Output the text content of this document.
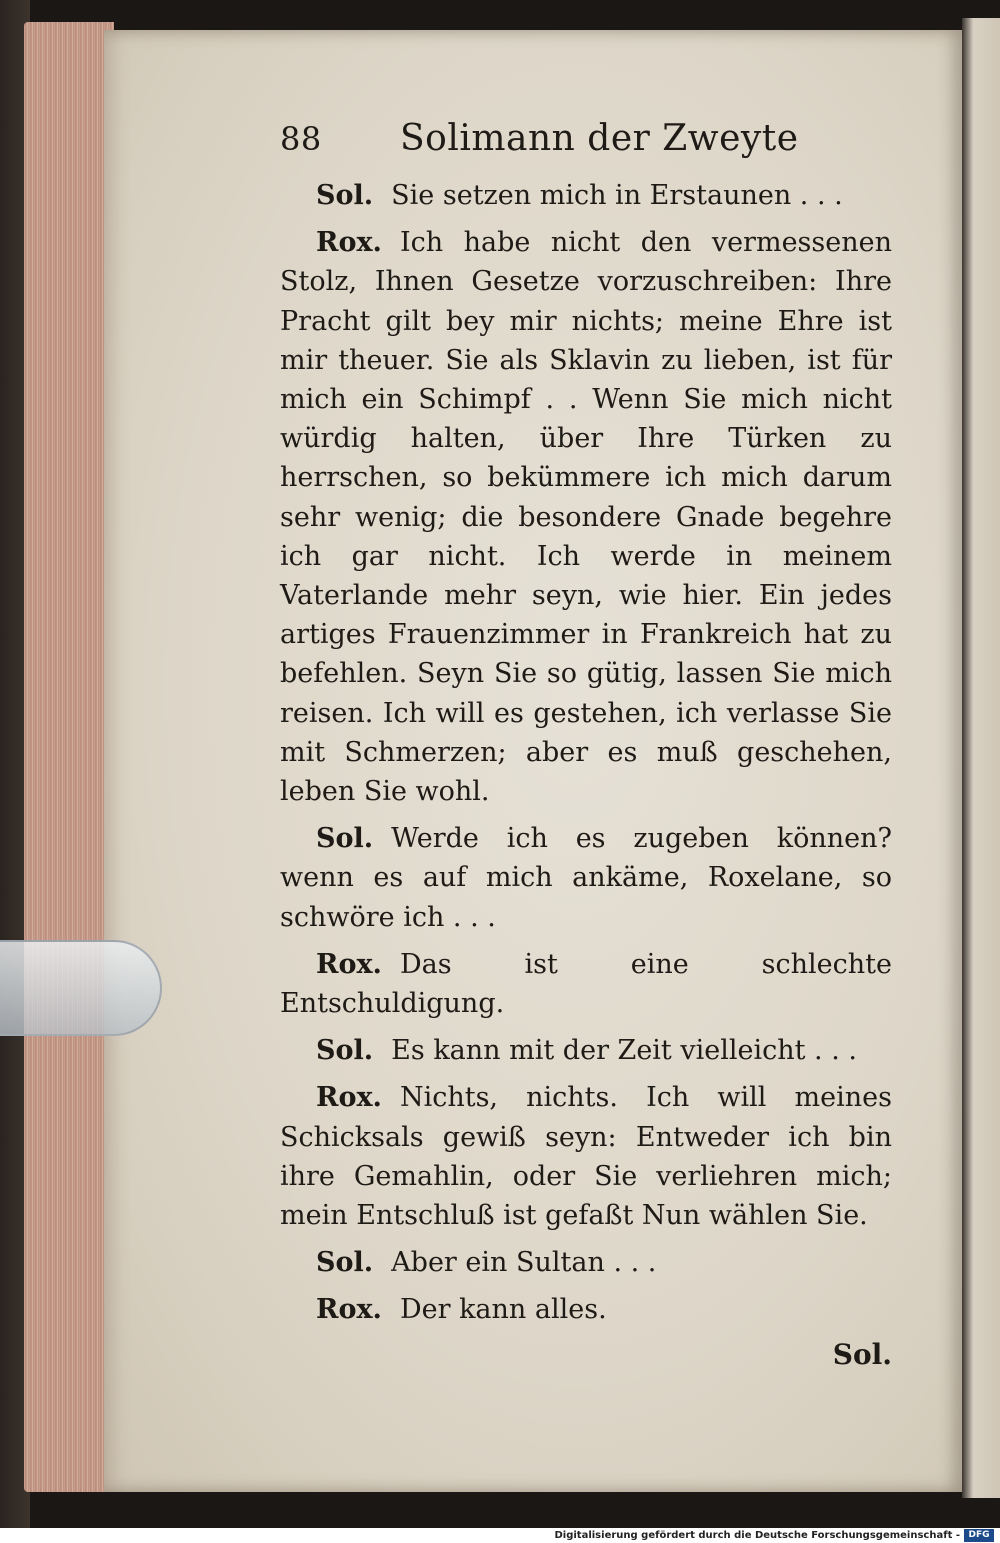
88	Solimann der Zweyte

Sol. Sie setzen mich in Erstaunen . . .

Rox. Ich habe nicht den vermessenen Stolz, Ihnen Gesetze vorzuschreiben: Ihre Pracht gilt bey mir nichts; meine Ehre ist mir theuer. Sie als Sklavin zu lieben, ist für mich ein Schimpf . . Wenn Sie mich nicht würdig halten, über Ihre Türken zu herrschen, so bekümmere ich mich darum sehr wenig; die besondere Gnade begehre ich gar nicht. Ich werde in meinem Vaterlande mehr seyn, wie hier. Ein jedes artiges Frauenzimmer in Frankreich hat zu befehlen. Seyn Sie so gütig, lassen Sie mich reisen. Ich will es gestehen, ich verlasse Sie mit Schmerzen; aber es muß geschehen, leben Sie wohl.

Sol. Werde ich es zugeben können? wenn es auf mich ankäme, Roxelane, so schwöre ich . . .

Rox. Das ist eine schlechte Entschuldigung.

Sol. Es kann mit der Zeit vielleicht . . .

Rox. Nichts, nichts. Ich will meines Schicksals gewiß seyn: Entweder ich bin ihre Gemahlin, oder Sie verliehren mich; mein Entschluß ist gefaßt Nun wählen Sie.

Sol. Aber ein Sultan . . .

Rox. Der kann alles.

Sol.
Digitalisierung gefördert durch die Deutsche Forschungsgemeinschaft - DFG
